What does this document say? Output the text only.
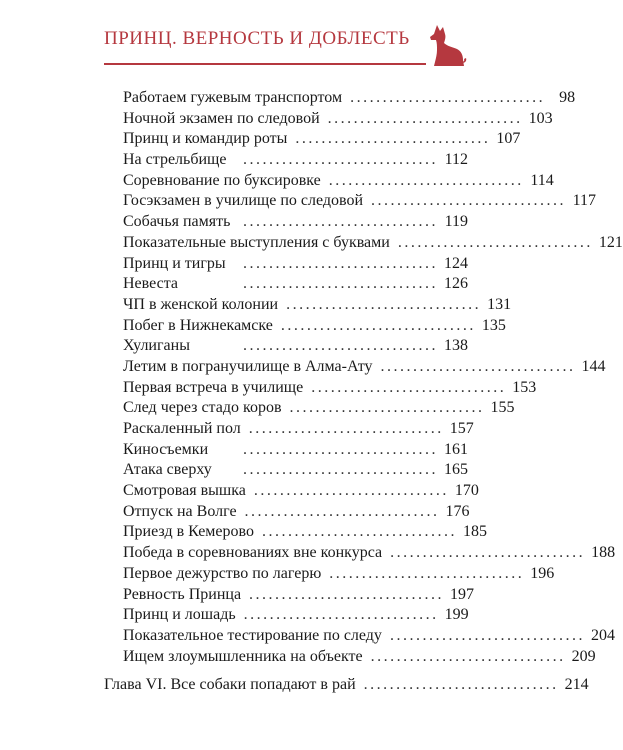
ПРИНЦ. ВЕРНОСТЬ И ДОБЛЕСТЬ
Работаем гужевым транспортом .............................. 98
Ночной экзамен по следовой .............................. 103
Принц и командир роты .............................. 107
На стрельбище	.............................. 112
Соревнование по буксировке .............................. 114
Госэкзамен в училище по следовой .............................. 117
Собачья память .............................. 119
Показательные выступления с буквами .............................. 121
Принц и тигры	.............................. 124
Невеста	.............................. 126
ЧП в женской колонии .............................. 131
Побег в Нижнекамске .............................. 135
Хулиганы	.............................. 138
Летим в погранучилище в Алма-Ату .............................. 144
Первая встреча в училище .............................. 153
След через стадо коров .............................. 155
Раскаленный пол .............................. 157
Киносъемки	.............................. 161
Атака сверху	.............................. 165
Смотровая вышка .............................. 170
Отпуск на Волге .............................. 176
Приезд в Кемерово .............................. 185
Победа в соревнованиях вне конкурса .............................. 188
Первое дежурство по лагерю .............................. 196
Ревность Принца .............................. 197
Принц и лошадь .............................. 199
Показательное тестирование по следу .............................. 204
Ищем злоумышленника на объекте .............................. 209
Глава VI. Все собаки попадают в рай .............................. 214
